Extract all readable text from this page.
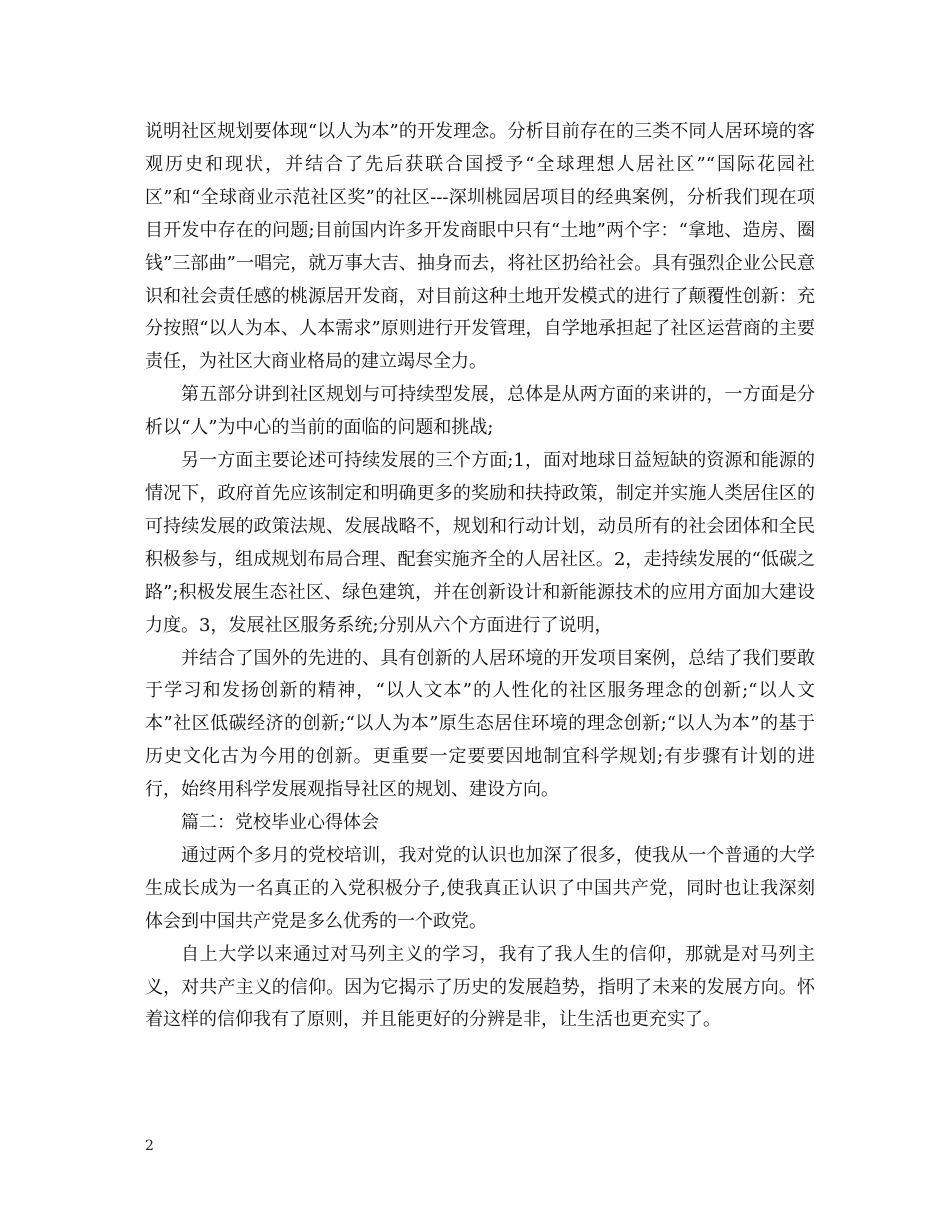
说明社区规划要体现“以人为本”的开发理念。分析目前存在的三类不同人居环境的客观历史和现状，并结合了先后获联合国授予“全球理想人居社区”“国际花园社区”和“全球商业示范社区奖”的社区---深圳桃园居项目的经典案例，分析我们现在项目开发中存在的问题;目前国内许多开发商眼中只有“土地”两个字：“拿地、造房、圈钱”三部曲”一唱完，就万事大吉、抽身而去，将社区扔给社会。具有强烈企业公民意识和社会责任感的桃源居开发商，对目前这种土地开发模式的进行了颠覆性创新：充分按照“以人为本、人本需求”原则进行开发管理，自学地承担起了社区运营商的主要责任，为社区大商业格局的建立竭尽全力。

第五部分讲到社区规划与可持续型发展，总体是从两方面的来讲的，一方面是分析以“人”为中心的当前的面临的问题和挑战;

另一方面主要论述可持续发展的三个方面;1，面对地球日益短缺的资源和能源的情况下，政府首先应该制定和明确更多的奖励和扶持政策，制定并实施人类居住区的可持续发展的政策法规、发展战略不，规划和行动计划，动员所有的社会团体和全民积极参与，组成规划布局合理、配套实施齐全的人居社区。2，走持续发展的“低碳之路”;积极发展生态社区、绿色建筑，并在创新设计和新能源技术的应用方面加大建设力度。3，发展社区服务系统;分别从六个方面进行了说明，

并结合了国外的先进的、具有创新的人居环境的开发项目案例，总结了我们要敢于学习和发扬创新的精神，“以人文本”的人性化的社区服务理念的创新;“以人文本”社区低碳经济的创新;“以人为本”原生态居住环境的理念创新;“以人为本”的基于历史文化古为今用的创新。更重要一定要要因地制宜科学规划;有步骤有计划的进行，始终用科学发展观指导社区的规划、建设方向。

篇二：党校毕业心得体会

通过两个多月的党校培训，我对党的认识也加深了很多，使我从一个普通的大学生成长成为一名真正的入党积极分子,使我真正认识了中国共产党，同时也让我深刻体会到中国共产党是多么优秀的一个政党。

自上大学以来通过对马列主义的学习，我有了我人生的信仰，那就是对马列主义，对共产主义的信仰。因为它揭示了历史的发展趋势，指明了未来的发展方向。怀着这样的信仰我有了原则，并且能更好的分辨是非，让生活也更充实了。

2
